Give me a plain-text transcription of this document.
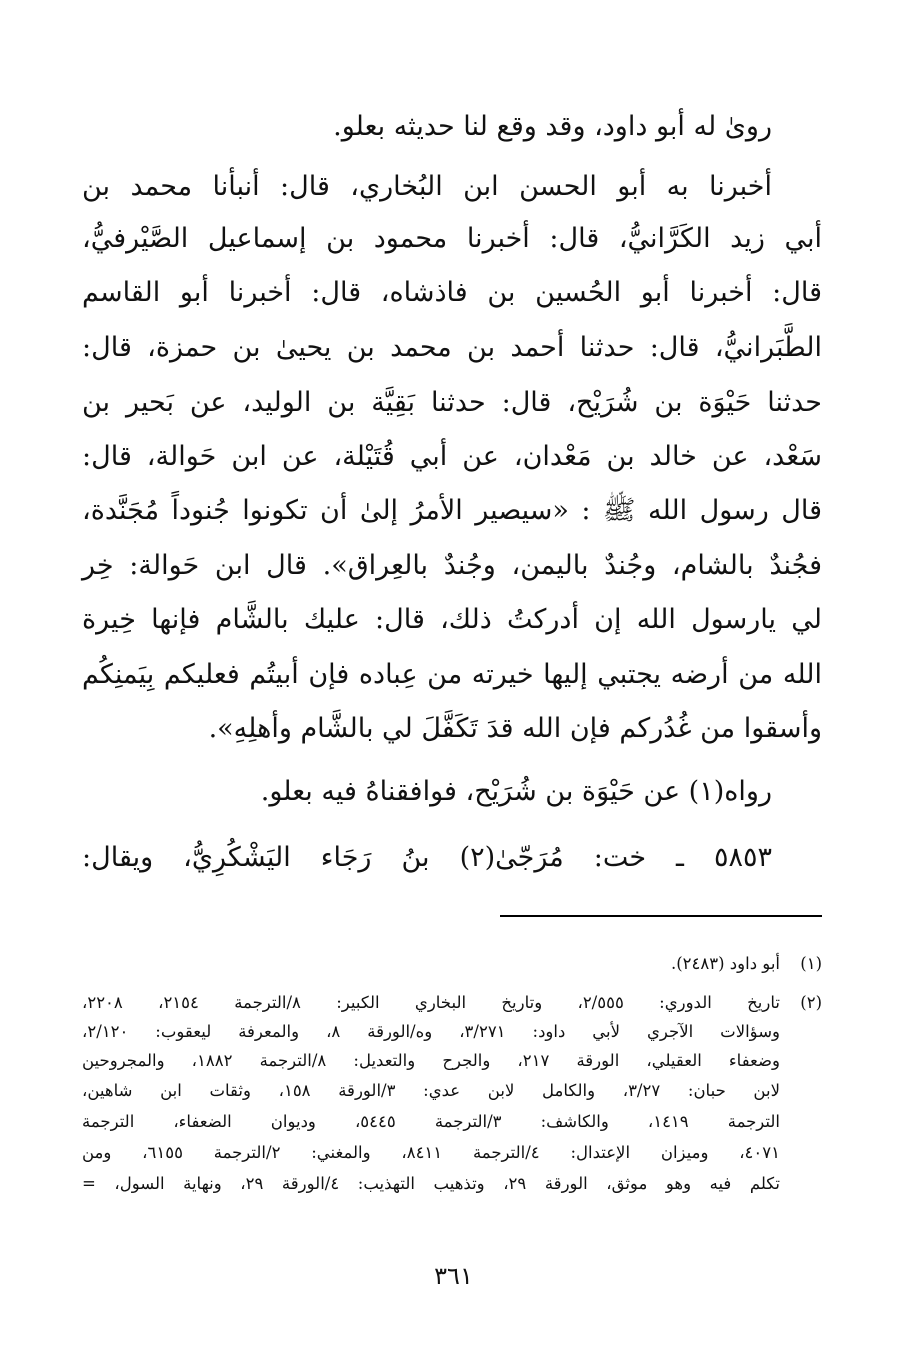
روىٰ له أبو داود، وقد وقع لنا حديثه بعلو.
أخبرنا به أبو الحسن ابن البُخاري، قال: أنبأنا محمد بن
أبي زيد الكَرَّانيُّ، قال: أخبرنا محمود بن إسماعيل الصَّيْرفيُّ،
قال: أخبرنا أبو الحُسين بن فاذشاه، قال: أخبرنا أبو القاسم
الطَّبَرانيُّ، قال: حدثنا أحمد بن محمد بن يحيىٰ بن حمزة، قال:
حدثنا حَيْوَة بن شُرَيْح، قال: حدثنا بَقِيَّة بن الوليد، عن بَحير بن
سَعْد، عن خالد بن مَعْدان، عن أبي قُتَيْلة، عن ابن حَوالة، قال:
قال رسول الله ﷺ : «سيصير الأمرُ إلىٰ أن تكونوا جُنوداً مُجَنَّدة،
فجُندٌ بالشام، وجُندٌ باليمن، وجُندٌ بالعِراق». قال ابن حَوالة: خِر
لي يارسول الله إن أدركتُ ذلك، قال: عليك بالشَّام فإنها خِيرة
الله من أرضه يجتبي إليها خيرته من عِباده فإن أبيتُم فعليكم بِيَمنِكُم
وأسقوا من غُدُركم فإن الله قدَ تَكَفَّلَ لي بالشَّام وأهلِهِ».
رواه(١) عن حَيْوَة بن شُرَيْح، فوافقناهُ فيه بعلو.
٥٨٥٣ ـ خت: مُرَجّىٰ(٢) بنُ رَجَاء اليَشْكُرِيُّ، ويقال:
(١)
أبو داود (٢٤٨٣).
(٢)
تاريخ الدوري: ٢/٥٥٥، وتاريخ البخاري الكبير: ٨/الترجمة ٢١٥٤، ٢٢٠٨،
وسؤالات الآجري لأبي داود: ٣/٢٧١، وه/الورقة ٨، والمعرفة ليعقوب: ٢/١٢٠،
وضعفاء العقيلي، الورقة ٢١٧، والجرح والتعديل: ٨/الترجمة ١٨٨٢، والمجروحين
لابن حبان: ٣/٢٧، والكامل لابن عدي: ٣/الورقة ١٥٨، وثقات ابن شاهين،
الترجمة ١٤١٩، والكاشف: ٣/الترجمة ٥٤٤٥، وديوان الضعفاء، الترجمة
٤٠٧١، وميزان الإعتدال: ٤/الترجمة ٨٤١١، والمغني: ٢/الترجمة ٦١٥٥، ومن
تكلم فيه وهو موثق، الورقة ٢٩، وتذهيب التهذيب: ٤/الورقة ٢٩، ونهاية السول، =
٣٦١
